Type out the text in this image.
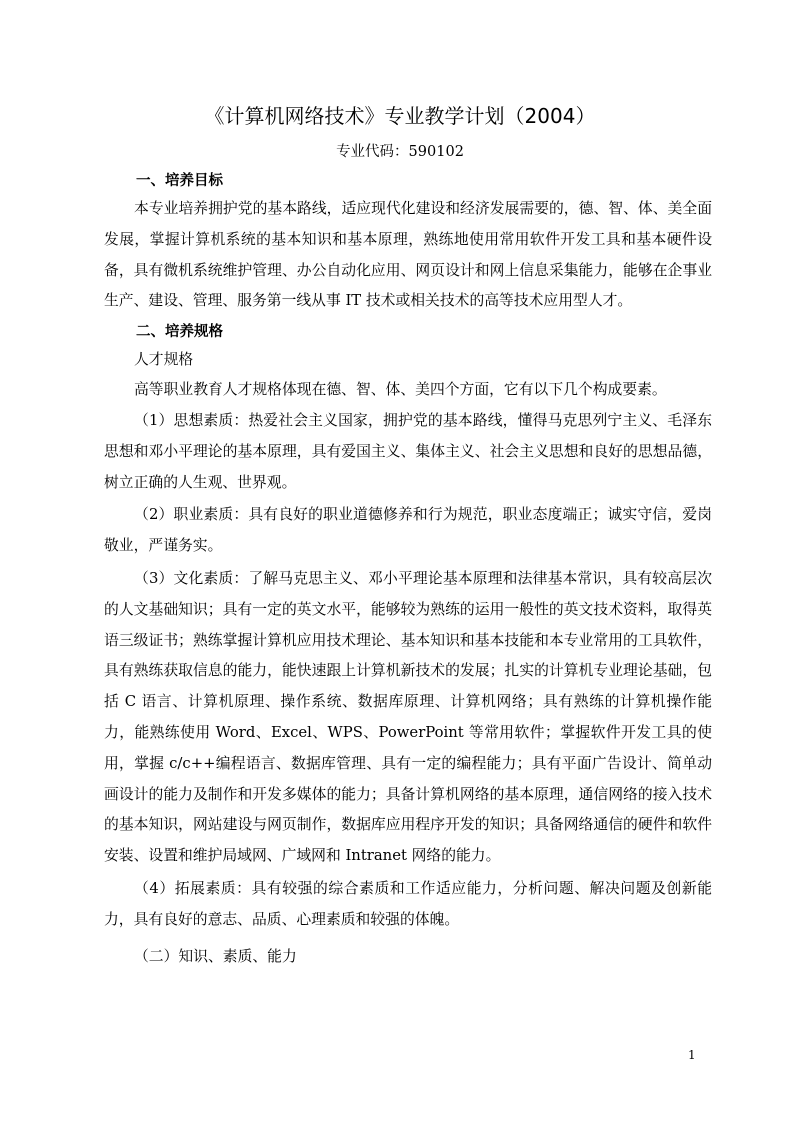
《计算机网络技术》专业教学计划（2004）
专业代码：590102
一、培养目标

本专业培养拥护党的基本路线，适应现代化建设和经济发展需要的，德、智、体、美全面发展，掌握计算机系统的基本知识和基本原理，熟练地使用常用软件开发工具和基本硬件设备，具有微机系统维护管理、办公自动化应用、网页设计和网上信息采集能力，能够在企事业生产、建设、管理、服务第一线从事 IT 技术或相关技术的高等技术应用型人才。

二、培养规格
人才规格

高等职业教育人才规格体现在德、智、体、美四个方面，它有以下几个构成要素。

（1）思想素质：热爱社会主义国家，拥护党的基本路线，懂得马克思列宁主义、毛泽东思想和邓小平理论的基本原理，具有爱国主义、集体主义、社会主义思想和良好的思想品德，树立正确的人生观、世界观。

（2）职业素质：具有良好的职业道德修养和行为规范，职业态度端正；诚实守信，爱岗敬业，严谨务实。

（3）文化素质：了解马克思主义、邓小平理论基本原理和法律基本常识，具有较高层次的人文基础知识；具有一定的英文水平，能够较为熟练的运用一般性的英文技术资料，取得英语三级证书；熟练掌握计算机应用技术理论、基本知识和基本技能和本专业常用的工具软件，具有熟练获取信息的能力，能快速跟上计算机新技术的发展；扎实的计算机专业理论基础，包括 C 语言、计算机原理、操作系统、数据库原理、计算机网络；具有熟练的计算机操作能力，能熟练使用 Word、Excel、WPS、PowerPoint 等常用软件；掌握软件开发工具的使用，掌握 c/c++编程语言、数据库管理、具有一定的编程能力；具有平面广告设计、简单动画设计的能力及制作和开发多媒体的能力；具备计算机网络的基本原理，通信网络的接入技术的基本知识，网站建设与网页制作，数据库应用程序开发的知识；具备网络通信的硬件和软件安装、设置和维护局域网、广域网和 Intranet 网络的能力。

（4）拓展素质：具有较强的综合素质和工作适应能力，分析问题、解决问题及创新能力，具有良好的意志、品质、心理素质和较强的体魄。

（二）知识、素质、能力
1
